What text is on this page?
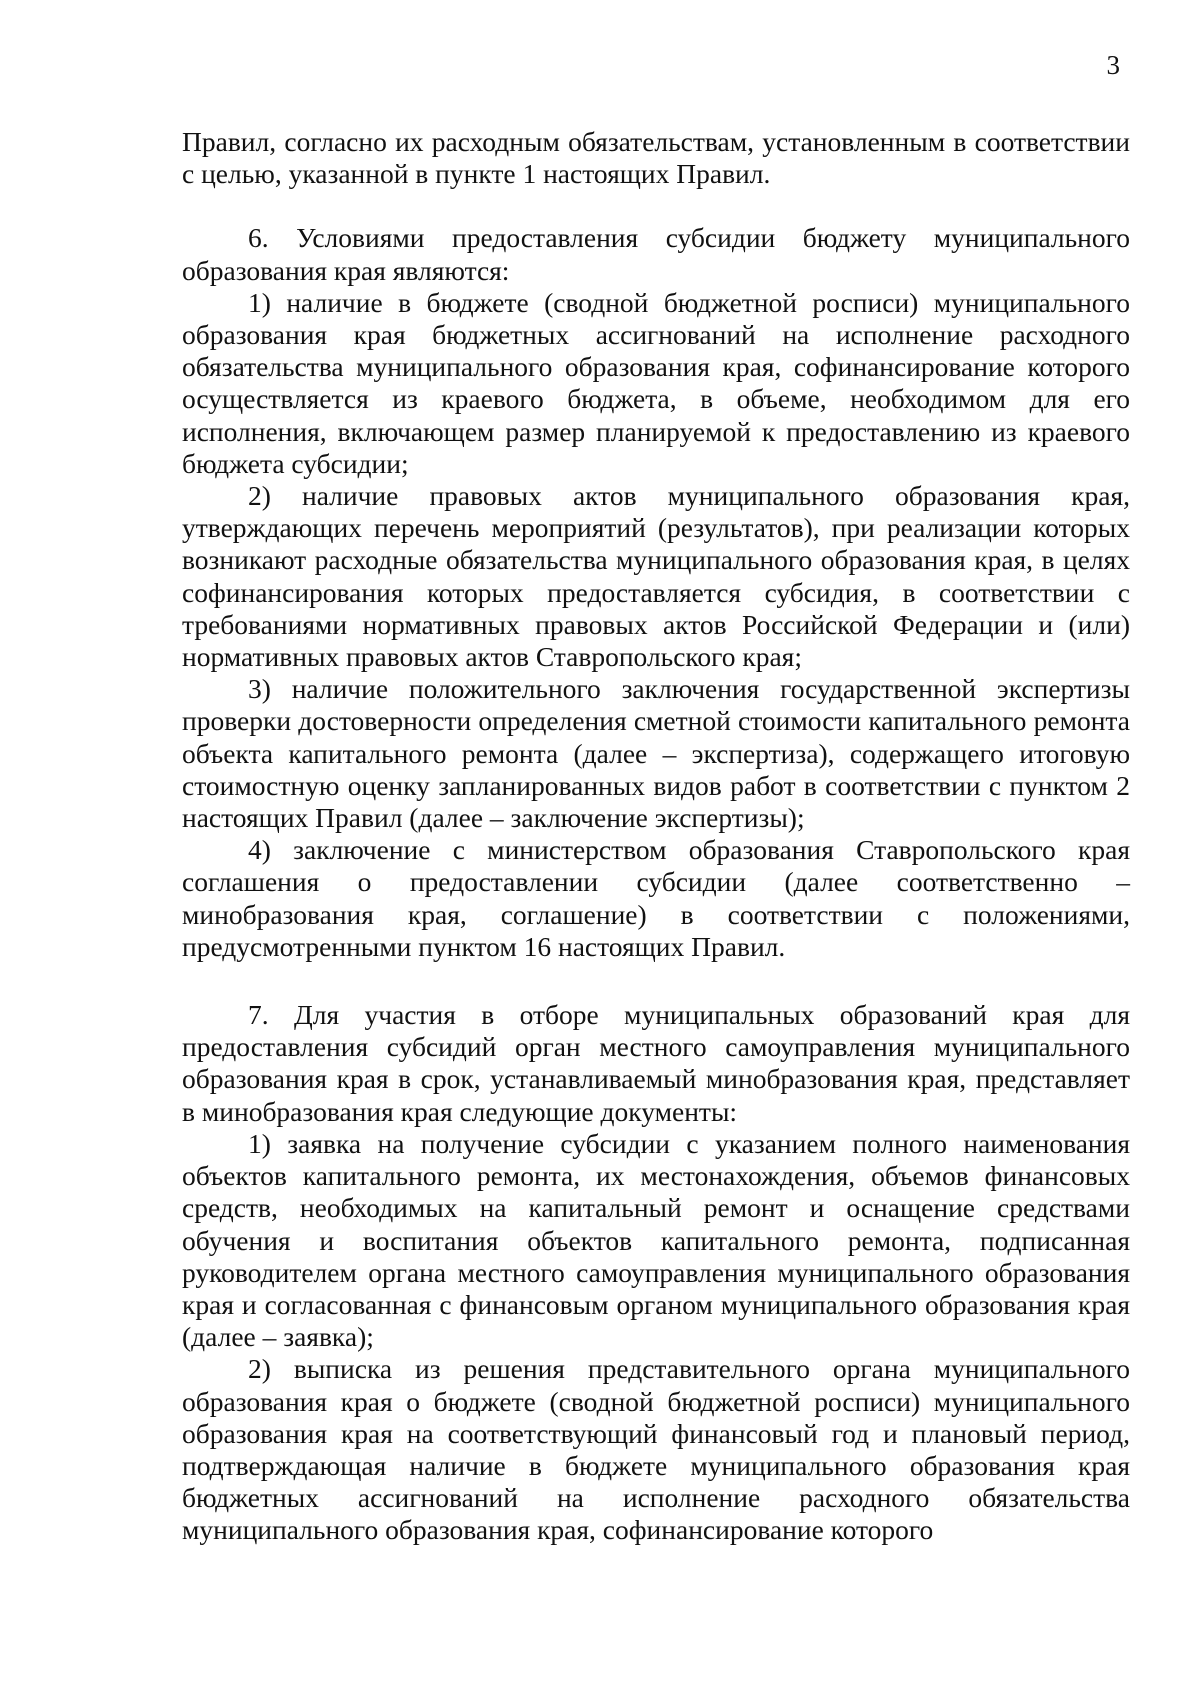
3

Правил, согласно их расходным обязательствам, установленным в соответствии с целью, указанной в пункте 1 настоящих Правил.

6. Условиями предоставления субсидии бюджету муниципального образования края являются:

1) наличие в бюджете (сводной бюджетной росписи) муниципального образования края бюджетных ассигнований на исполнение расходного обязательства муниципального образования края, софинансирование которого осуществляется из краевого бюджета, в объеме, необходимом для его исполнения, включающем размер планируемой к предоставлению из краевого бюджета субсидии;

2) наличие правовых актов муниципального образования края, утверждающих перечень мероприятий (результатов), при реализации которых возникают расходные обязательства муниципального образования края, в целях софинансирования которых предоставляется субсидия, в соответствии с требованиями нормативных правовых актов Российской Федерации и (или) нормативных правовых актов Ставропольского края;

3) наличие положительного заключения государственной экспертизы проверки достоверности определения сметной стоимости капитального ремонта объекта капитального ремонта (далее – экспертиза), содержащего итоговую стоимостную оценку запланированных видов работ в соответствии с пунктом 2 настоящих Правил (далее – заключение экспертизы);

4) заключение с министерством образования Ставропольского края соглашения о предоставлении субсидии (далее соответственно – минобразования края, соглашение) в соответствии с положениями, предусмотренными пунктом 16 настоящих Правил.

7. Для участия в отборе муниципальных образований края для предоставления субсидий орган местного самоуправления муниципального образования края в срок, устанавливаемый минобразования края, представляет в минобразования края следующие документы:

1) заявка на получение субсидии с указанием полного наименования объектов капитального ремонта, их местонахождения, объемов финансовых средств, необходимых на капитальный ремонт и оснащение средствами обучения и воспитания объектов капитального ремонта, подписанная руководителем органа местного самоуправления муниципального образования края и согласованная с финансовым органом муниципального образования края (далее – заявка);

2) выписка из решения представительного органа муниципального образования края о бюджете (сводной бюджетной росписи) муниципального образования края на соответствующий финансовый год и плановый период, подтверждающая наличие в бюджете муниципального образования края бюджетных ассигнований на исполнение расходного обязательства муниципального образования края, софинансирование которого
